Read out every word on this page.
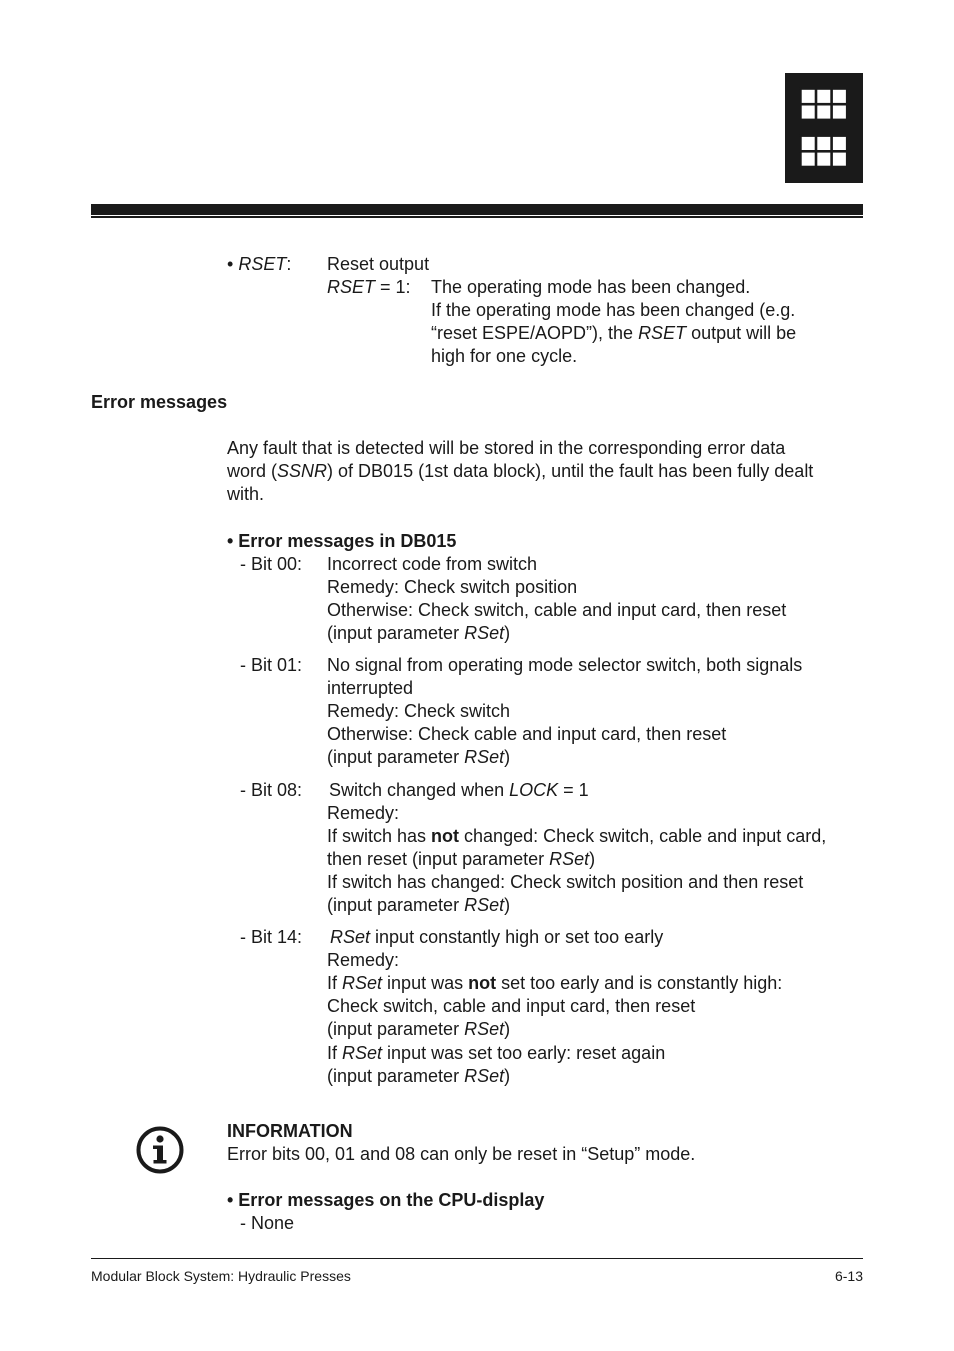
• RSET: Reset output
RSET = 1: The operating mode has been changed.
If the operating mode has been changed (e.g.
“reset ESPE/AOPD”), the RSET output will be
high for one cycle.
Error messages
Any fault that is detected will be stored in the corresponding error data
word (SSNR) of DB015 (1st data block), until the fault has been fully dealt
with.
• Error messages in DB015
- Bit 00: Incorrect code from switch
Remedy: Check switch position
Otherwise: Check switch, cable and input card, then reset
(input parameter RSet)
- Bit 01: No signal from operating mode selector switch, both signals
interrupted
Remedy: Check switch
Otherwise: Check cable and input card, then reset
(input parameter RSet)
- Bit 08: Switch changed when LOCK = 1
Remedy:
If switch has not changed: Check switch, cable and input card,
then reset (input parameter RSet)
If switch has changed: Check switch position and then reset
(input parameter RSet)
- Bit 14: RSet input constantly high or set too early
Remedy:
If RSet input was not set too early and is constantly high:
Check switch, cable and input card, then reset
(input parameter RSet)
If RSet input was set too early: reset again
(input parameter RSet)
INFORMATION
Error bits 00, 01 and 08 can only be reset in “Setup” mode.
• Error messages on the CPU-display
- None
Modular Block System: Hydraulic Presses	6-13
